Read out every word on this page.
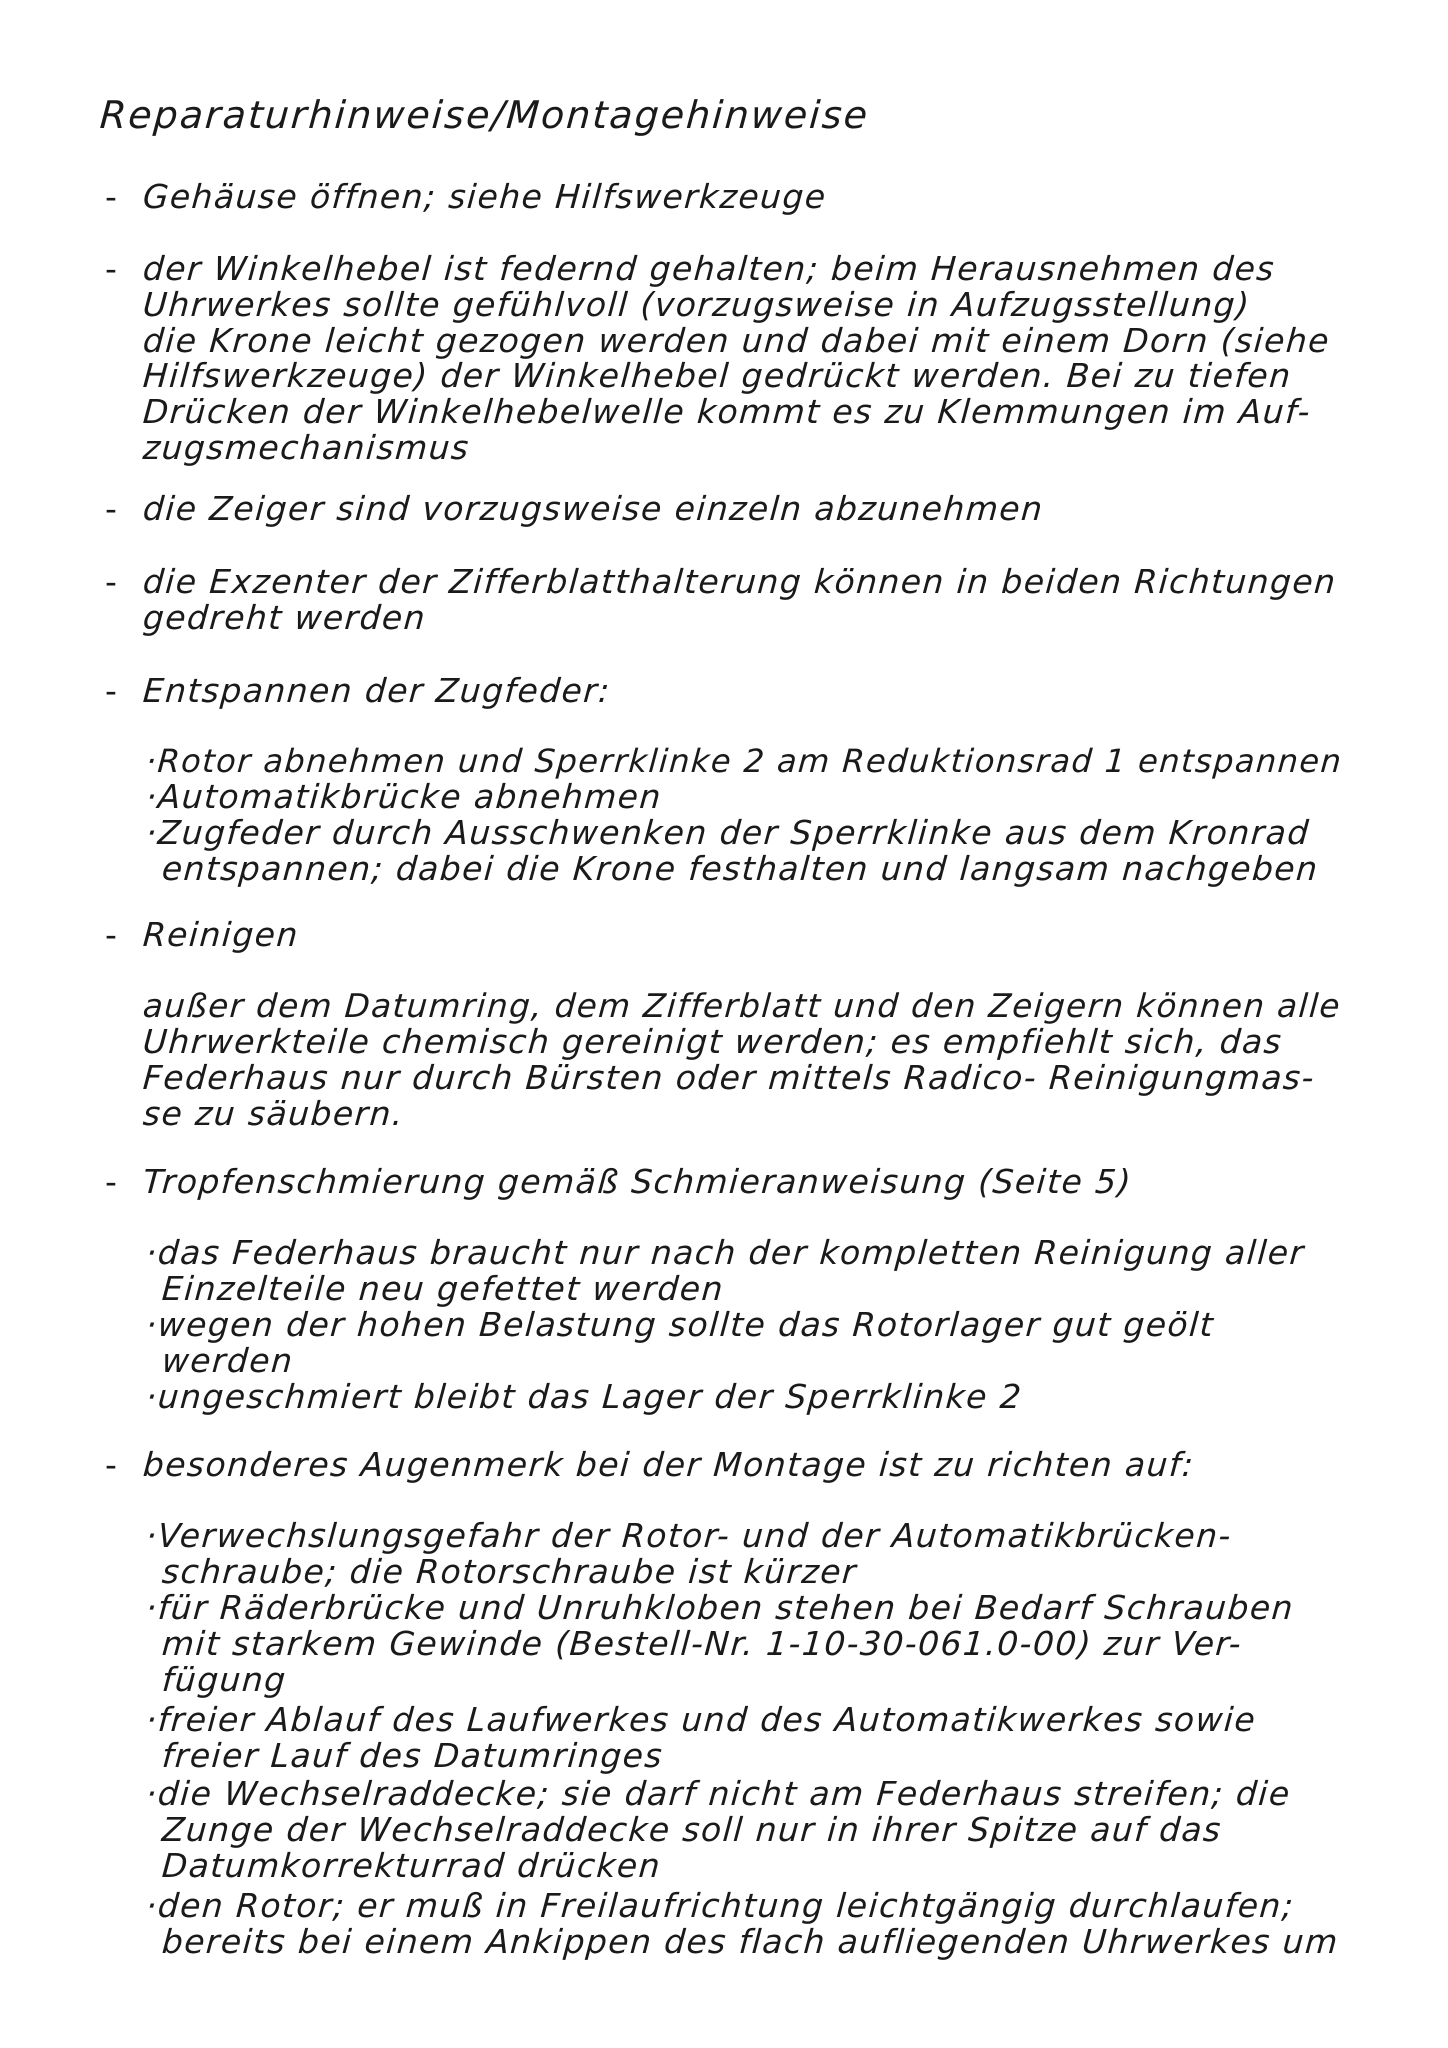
Reparaturhinweise/Montagehinweise
- Gehäuse öffnen; siehe Hilfswerkzeuge
- der Winkelhebel ist federnd gehalten; beim Herausnehmen des
Uhrwerkes sollte gefühlvoll (vorzugsweise in Aufzugsstellung)
die Krone leicht gezogen werden und dabei mit einem Dorn (siehe
Hilfswerkzeuge) der Winkelhebel gedrückt werden. Bei zu tiefen
Drücken der Winkelhebelwelle kommt es zu Klemmungen im Auf-
zugsmechanismus
- die Zeiger sind vorzugsweise einzeln abzunehmen
- die Exzenter der Zifferblatthalterung können in beiden Richtungen
gedreht werden
- Entspannen der Zugfeder:
·Rotor abnehmen und Sperrklinke 2 am Reduktionsrad 1 entspannen
·Automatikbrücke abnehmen
·Zugfeder durch Ausschwenken der Sperrklinke aus dem Kronrad
entspannen; dabei die Krone festhalten und langsam nachgeben
- Reinigen
außer dem Datumring, dem Zifferblatt und den Zeigern können alle
Uhrwerkteile chemisch gereinigt werden; es empfiehlt sich, das
Federhaus nur durch Bürsten oder mittels Radico- Reinigungmas-
se zu säubern.
- Tropfenschmierung gemäß Schmieranweisung (Seite 5)
·das Federhaus braucht nur nach der kompletten Reinigung aller
Einzelteile neu gefettet werden
·wegen der hohen Belastung sollte das Rotorlager gut geölt
werden
·ungeschmiert bleibt das Lager der Sperrklinke 2
- besonderes Augenmerk bei der Montage ist zu richten auf:
·Verwechslungsgefahr der Rotor- und der Automatikbrücken-
schraube; die Rotorschraube ist kürzer
·für Räderbrücke und Unruhkloben stehen bei Bedarf Schrauben
mit starkem Gewinde (Bestell-Nr. 1-10-30-061.0-00) zur Ver-
fügung
·freier Ablauf des Laufwerkes und des Automatikwerkes sowie
freier Lauf des Datumringes
·die Wechselraddecke; sie darf nicht am Federhaus streifen; die
Zunge der Wechselraddecke soll nur in ihrer Spitze auf das
Datumkorrekturrad drücken
·den Rotor; er muß in Freilaufrichtung leichtgängig durchlaufen;
bereits bei einem Ankippen des flach aufliegenden Uhrwerkes um
